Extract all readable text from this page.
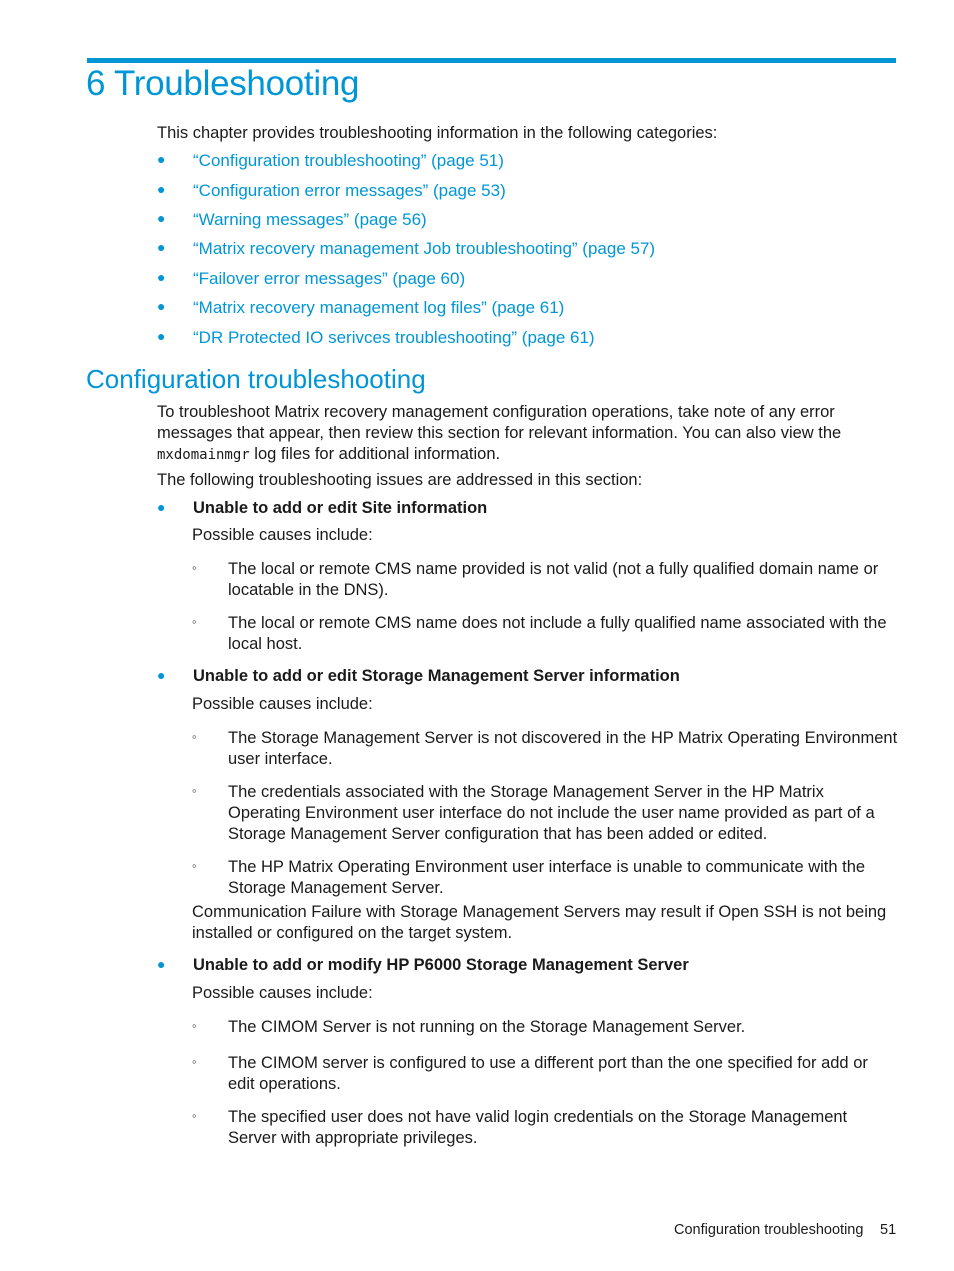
6 Troubleshooting
This chapter provides troubleshooting information in the following categories:
● “Configuration troubleshooting” (page 51)
● “Configuration error messages” (page 53)
● “Warning messages” (page 56)
● “Matrix recovery management Job troubleshooting” (page 57)
● “Failover error messages” (page 60)
● “Matrix recovery management log files” (page 61)
● “DR Protected IO serivces troubleshooting” (page 61)
Configuration troubleshooting
To troubleshoot Matrix recovery management configuration operations, take note of any error messages that appear, then review this section for relevant information. You can also view the
mxdomainmgr log files for additional information.
The following troubleshooting issues are addressed in this section:
● Unable to add or edit Site information
Possible causes include:
◦ The local or remote CMS name provided is not valid (not a fully qualified domain name or locatable in the DNS).
◦ The local or remote CMS name does not include a fully qualified name associated with the local host.
● Unable to add or edit Storage Management Server information
Possible causes include:
◦ The Storage Management Server is not discovered in the HP Matrix Operating Environment user interface.
◦ The credentials associated with the Storage Management Server in the HP Matrix Operating Environment user interface do not include the user name provided as part of a Storage Management Server configuration that has been added or edited.
◦ The HP Matrix Operating Environment user interface is unable to communicate with the Storage Management Server.
Communication Failure with Storage Management Servers may result if Open SSH is not being installed or configured on the target system.
● Unable to add or modify HP P6000 Storage Management Server
Possible causes include:
◦ The CIMOM Server is not running on the Storage Management Server.
◦ The CIMOM server is configured to use a different port than the one specified for add or edit operations.
◦ The specified user does not have valid login credentials on the Storage Management Server with appropriate privileges.
Configuration troubleshooting 51
